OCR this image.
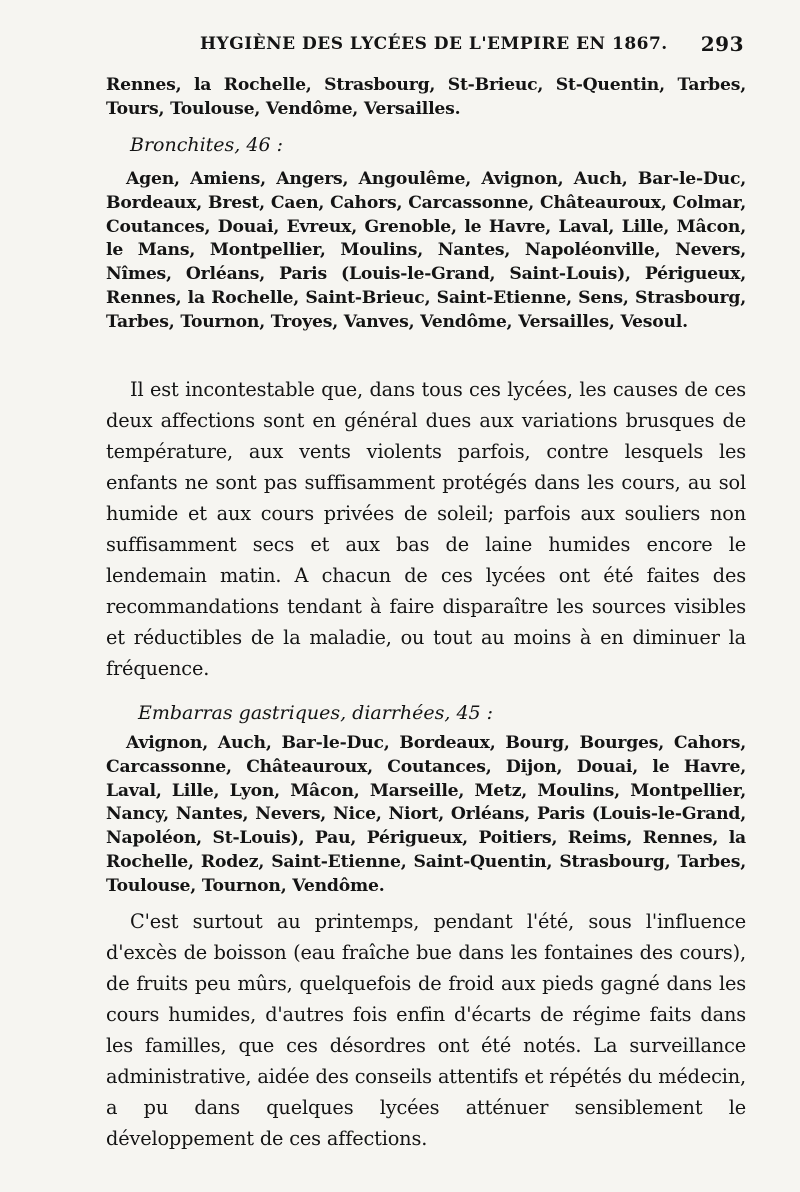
HYGIÈNE DES LYCÉES DE L'EMPIRE EN 1867. 293

Rennes, la Rochelle, Strasbourg, St-Brieuc, St-Quentin, Tarbes, Tours, Toulouse, Vendôme, Versailles.

Bronchites, 46 :

Agen, Amiens, Angers, Angoulême, Avignon, Auch, Bar-le-Duc, Bordeaux, Brest, Caen, Cahors, Carcassonne, Châteauroux, Colmar, Coutances, Douai, Evreux, Grenoble, le Havre, Laval, Lille, Mâcon, le Mans, Montpellier, Moulins, Nantes, Napoléonville, Nevers, Nîmes, Orléans, Paris (Louis-le-Grand, Saint-Louis), Périgueux, Rennes, la Rochelle, Saint-Brieuc, Saint-Etienne, Sens, Strasbourg, Tarbes, Tournon, Troyes, Vanves, Vendôme, Versailles, Vesoul.

Il est incontestable que, dans tous ces lycées, les causes de ces deux affections sont en général dues aux variations brusques de température, aux vents violents parfois, contre lesquels les enfants ne sont pas suffisamment protégés dans les cours, au sol humide et aux cours privées de soleil; parfois aux souliers non suffisamment secs et aux bas de laine humides encore le lendemain matin. A chacun de ces lycées ont été faites des recommandations tendant à faire disparaître les sources visibles et réductibles de la maladie, ou tout au moins à en diminuer la fréquence.

Embarras gastriques, diarrhées, 45 :

Avignon, Auch, Bar-le-Duc, Bordeaux, Bourg, Bourges, Cahors, Carcassonne, Châteauroux, Coutances, Dijon, Douai, le Havre, Laval, Lille, Lyon, Mâcon, Marseille, Metz, Moulins, Montpellier, Nancy, Nantes, Nevers, Nice, Niort, Orléans, Paris (Louis-le-Grand, Napoléon, St-Louis), Pau, Périgueux, Poitiers, Reims, Rennes, la Rochelle, Rodez, Saint-Etienne, Saint-Quentin, Strasbourg, Tarbes, Toulouse, Tournon, Vendôme.

C'est surtout au printemps, pendant l'été, sous l'influence d'excès de boisson (eau fraîche bue dans les fontaines des cours), de fruits peu mûrs, quelquefois de froid aux pieds gagné dans les cours humides, d'autres fois enfin d'écarts de régime faits dans les familles, que ces désordres ont été notés. La surveillance administrative, aidée des conseils attentifs et répétés du médecin, a pu dans quelques lycées atténuer sensiblement le développement de ces affections.
